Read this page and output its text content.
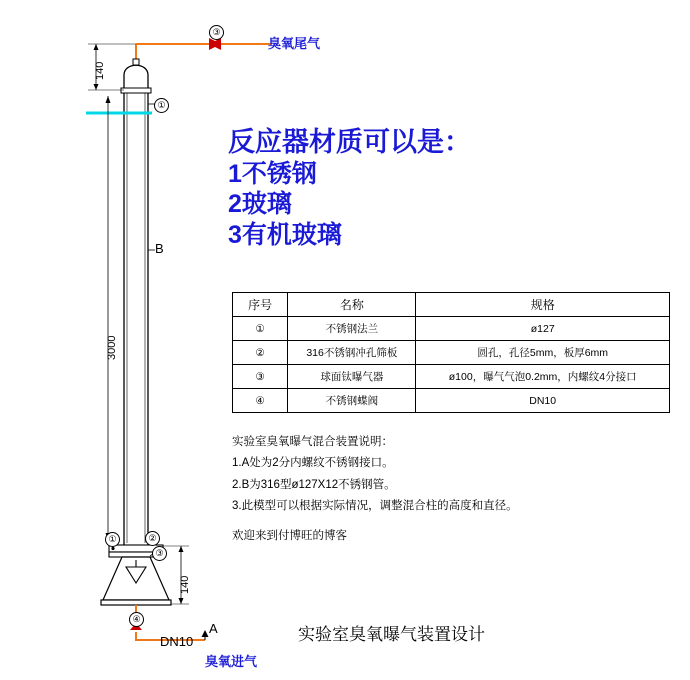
③
①
①	②
③
④
臭氧尾气
臭氧进气
DN10
A
B
140
3000
140
反应器材质可以是：
1不锈钢
2玻璃
3有机玻璃
序号	名称	规格
①	不锈钢法兰	ø127
②	316不锈钢冲孔筛板	圆孔，孔径5mm，板厚6mm
③	球面钛曝气器	ø100，曝气气泡0.2mm，内螺纹4分接口
④	不锈钢蝶阀	DN10
实验室臭氧曝气混合装置说明：
1.A处为2分内螺纹不锈钢接口。
2.B为316型ø127X12不锈钢管。
3.此模型可以根据实际情况，调整混合柱的高度和直径。
欢迎来到付博旺的博客
实验室臭氧曝气装置设计
